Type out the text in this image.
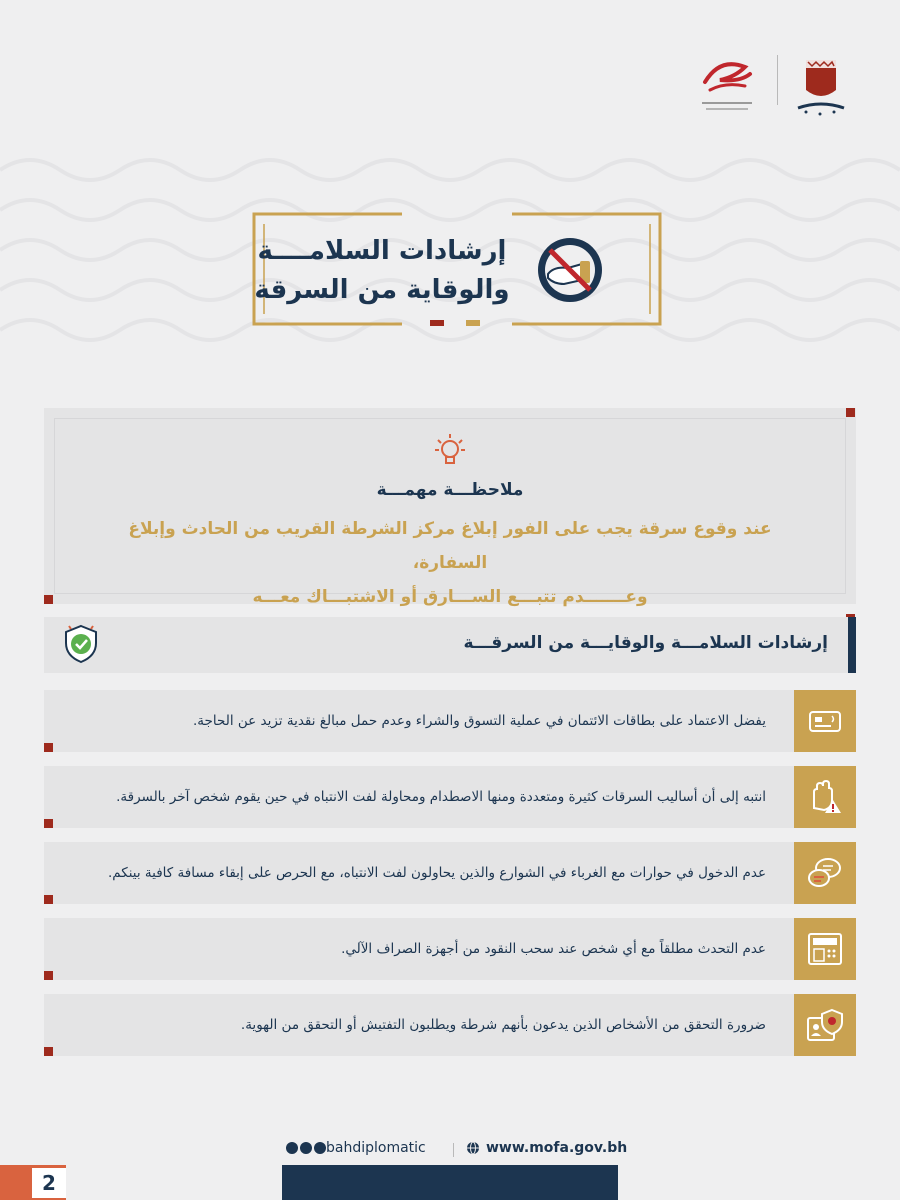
إرشادات السلامــــة
والوقاية من السرقة
ملاحظـــة مهمـــة
عند وقوع سرقة يجب على الفور إبلاغ مركز الشرطة القريب من الحادث وإبلاغ السفارة،
وعـــــــدم تتبـــع الســـارق أو الاشتبـــاك معـــه
إرشادات السلامـــة والوقايـــة من السرقـــة
يفضل الاعتماد على بطاقات الائتمان في عملية التسوق والشراء وعدم حمل مبالغ نقدية تزيد عن الحاجة.
انتبه إلى أن أساليب السرقات كثيرة ومتعددة ومنها الاصطدام ومحاولة لفت الانتباه في حين يقوم شخص آخر بالسرقة.
عدم الدخول في حوارات مع الغرباء في الشوارع والذين يحاولون لفت الانتباه، مع الحرص على إبقاء مسافة كافية بينكم.
عدم التحدث مطلقاً مع أي شخص عند سحب النقود من أجهزة الصراف الآلي.
ضرورة التحقق من الأشخاص الذين يدعون بأنهم شرطة ويطلبون التفتيش أو التحقق من الهوية.
bahdiplomatic	www.mofa.gov.bh
2
